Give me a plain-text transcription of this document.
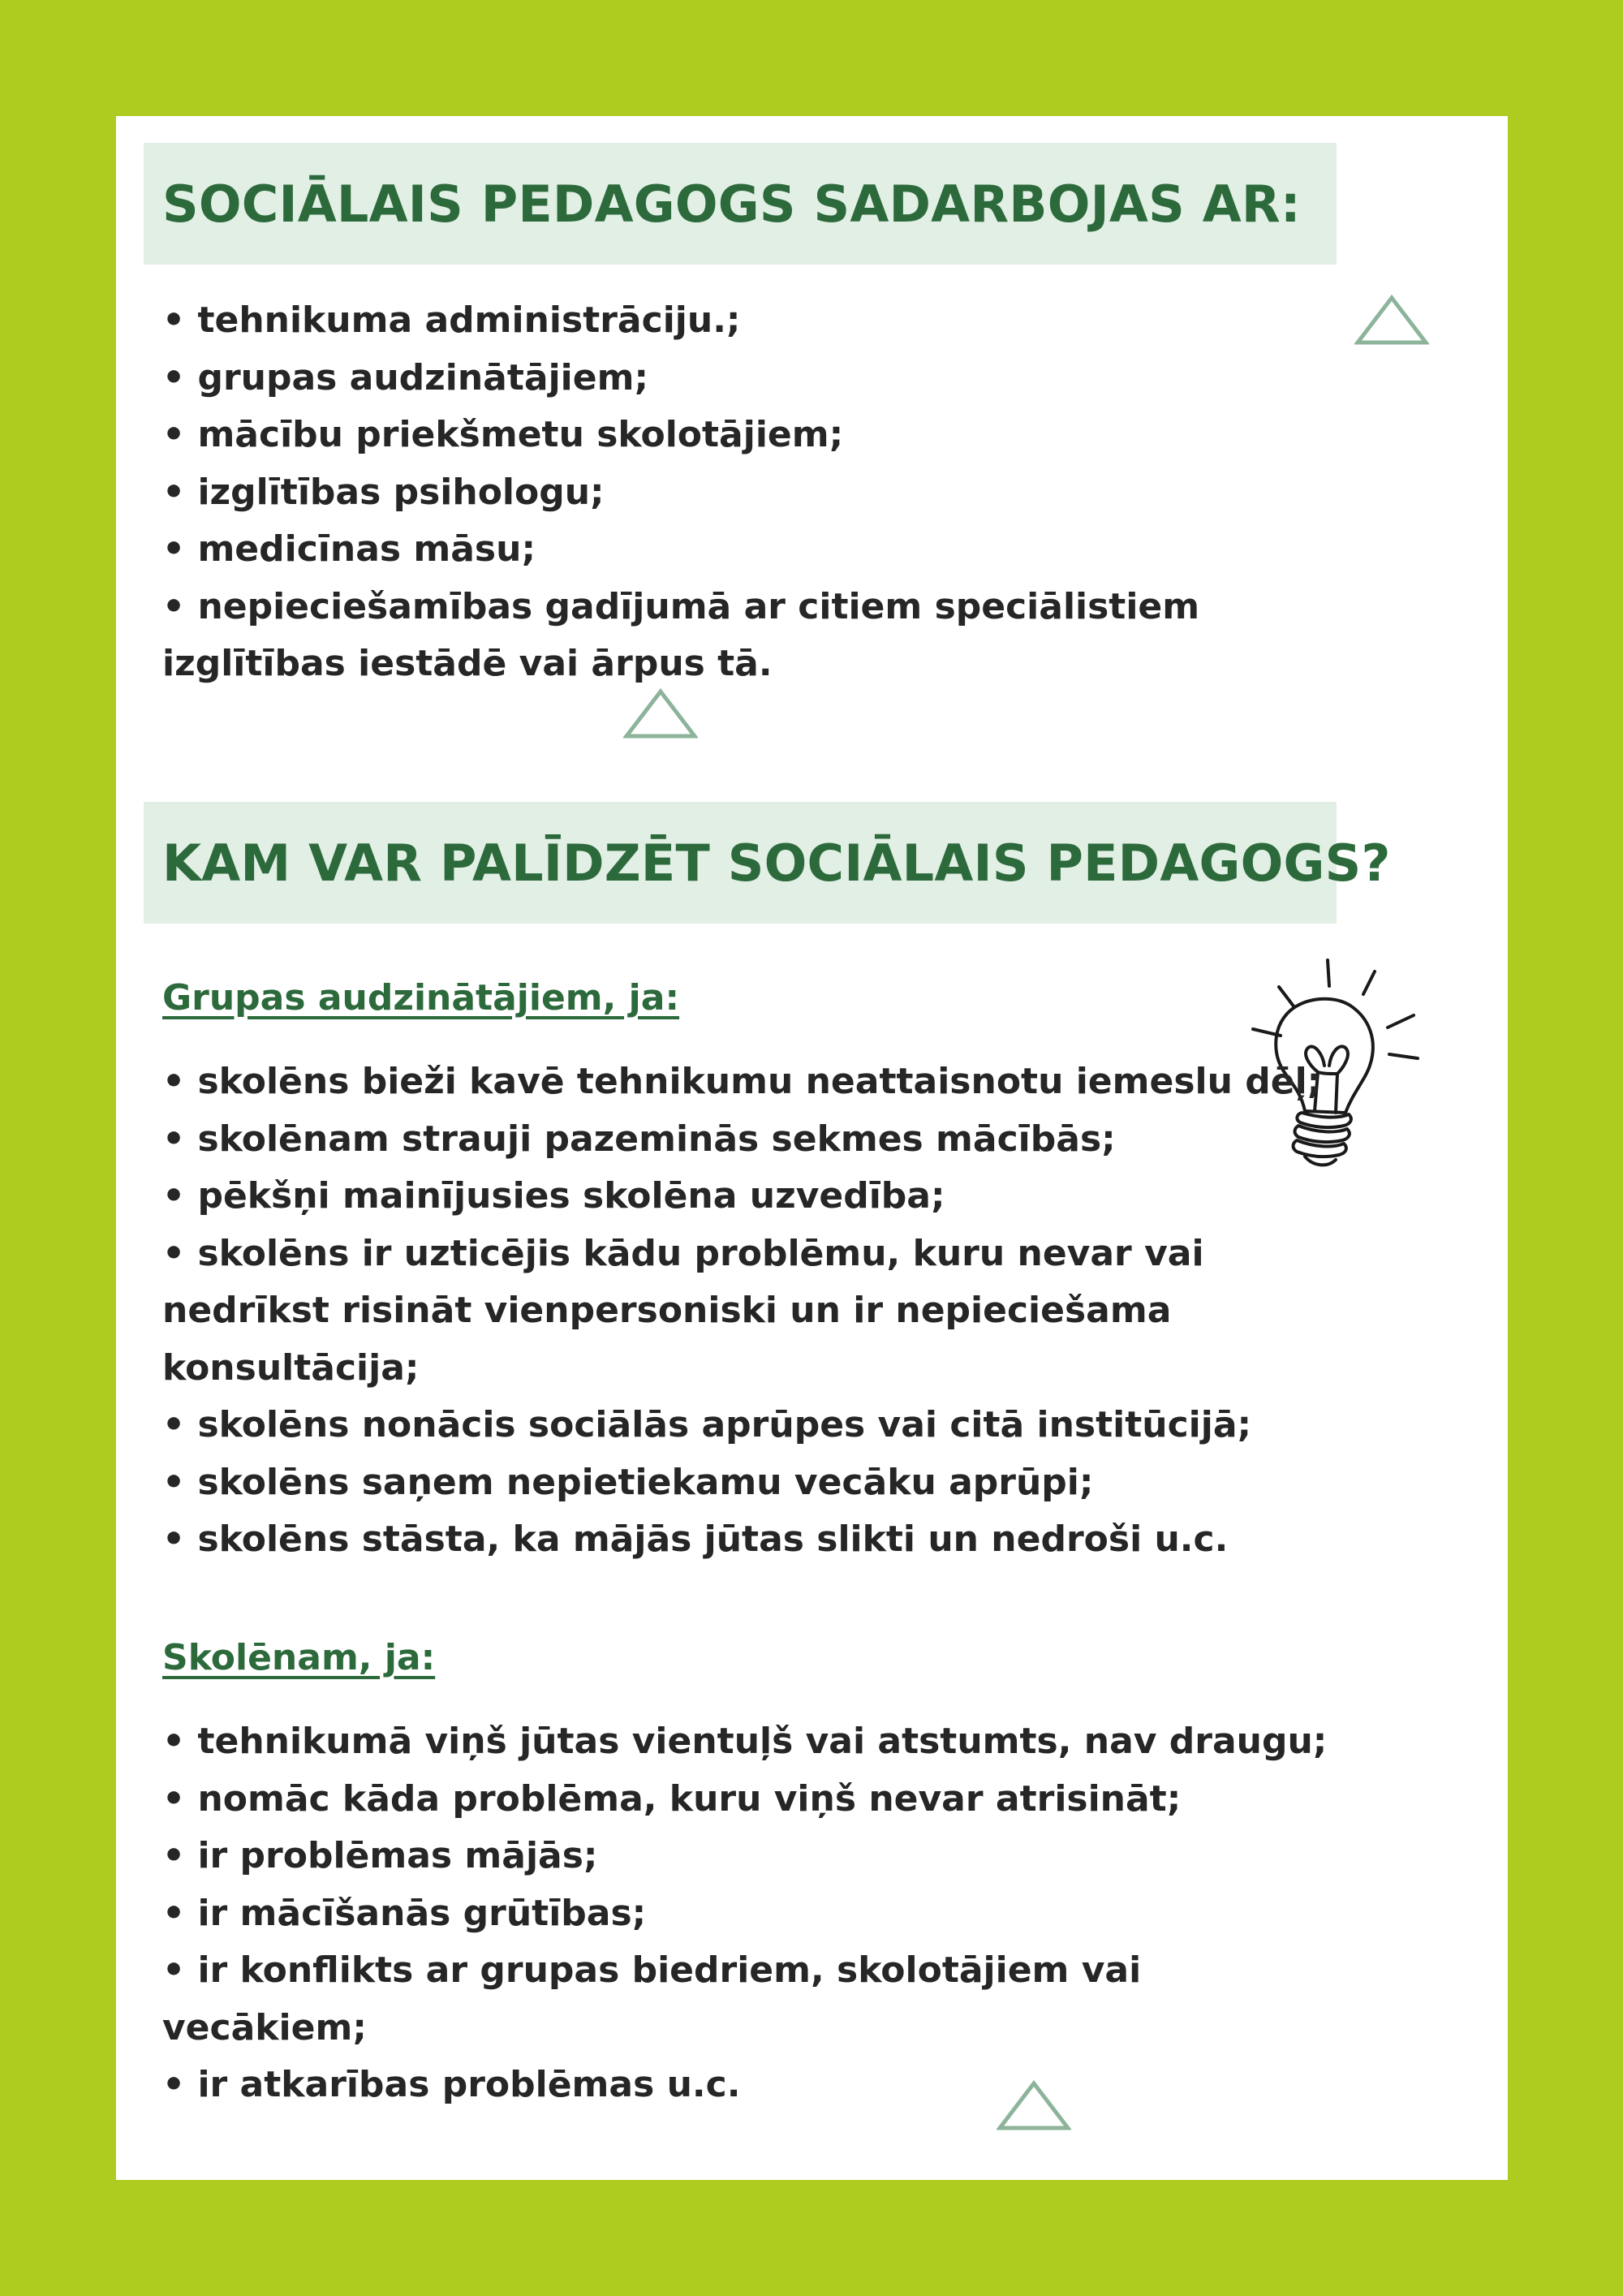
SOCIĀLAIS PEDAGOGS SADARBOJAS AR:
• tehnikuma administrāciju.;
• grupas audzinātājiem;
• mācību priekšmetu skolotājiem;
• izglītības psihologu;
• medicīnas māsu;
• nepieciešamības gadījumā ar citiem speciālistiem izglītības iestādē vai ārpus tā.
KAM VAR PALĪDZĒT SOCIĀLAIS PEDAGOGS?

Grupas audzinātājiem, ja:

• skolēns bieži kavē tehnikumu neattaisnotu iemeslu dēļ;
• skolēnam strauji pazeminās sekmes mācībās;
• pēkšņi mainījusies skolēna uzvedība;
• skolēns ir uzticējis kādu problēmu, kuru nevar vai nedrīkst risināt vienpersoniski un ir nepieciešama konsultācija;
• skolēns nonācis sociālās aprūpes vai citā institūcijā;
• skolēns saņem nepietiekamu vecāku aprūpi;
• skolēns stāsta, ka mājās jūtas slikti un nedroši u.c.

Skolēnam, ja:

• tehnikumā viņš jūtas vientuļš vai atstumts, nav draugu;
• nomāc kāda problēma, kuru viņš nevar atrisināt;
• ir problēmas mājās;
• ir mācīšanās grūtības;
• ir konflikts ar grupas biedriem, skolotājiem vai vecākiem;
• ir atkarības problēmas u.c.
